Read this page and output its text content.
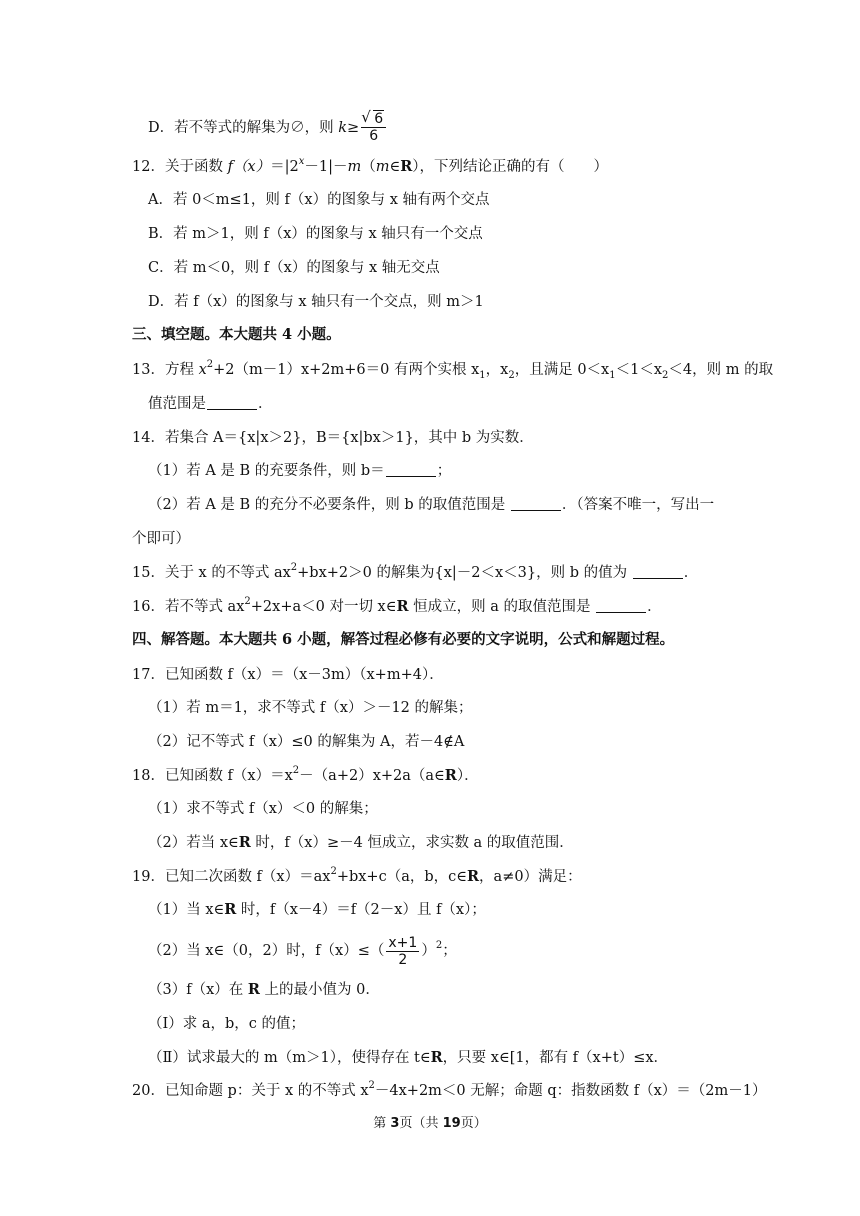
D．若不等式的解集为∅，则 k≥
√ $\frac{6}{6}$
12．关于函数 $f(x)=|2^x-1|-m(m\in R)$，下列结论正确的有（　　）
A．若 0＜m≤1，则 f（x）的图象与 x 轴有两个交点
B．若 m＞1，则 f（x）的图象与 x 轴只有一个交点
C．若 m＜0，则 f（x）的图象与 x 轴无交点
D．若 f（x）的图象与 x 轴只有一个交点，则 m＞1
三、填空题。本大题共 4 小题。
13．方程 $x^2+2(m-1)x+2m+6=0$ 有两个实根 $x_1$，$x_2$，且满足 $0<x_1<1<x_2<4$，则 m 的取
值范围是	．
14．若集合 A＝{x|x＞2}，B＝{x|bx＞1}，其中 b 为实数．
（1）若 A 是 B 的充要条件，则 b＝	；
（2）若 A 是 B 的充分不必要条件，则 b 的取值范围是	．（答案不唯一，写出一
个即可）
15．关于 x 的不等式 $ax^2+bx+2>0$ 的解集为{x|－2＜x＜3}，则 b 的值为	．
16．若不等式 $ax^2+2x+a<0$ 对一切 x∈R 恒成立，则 a 的取值范围是	．
四、解答题。本大题共 6 小题，解答过程必修有必要的文字说明，公式和解题过程。
17．已知函数 f（x）＝（x－3m）（x+m+4）．
（1）若 m＝1，求不等式 f（x）＞－12 的解集；
（2）记不等式 f（x）≤0 的解集为 A，若－4∉A
18．已知函数 $f(x)=x^2-(a+2)x+2a(a\in R)$．
（1）求不等式 f（x）＜0 的解集；
（2）若当 x∈R 时，f（x）≥－4 恒成立，求实数 a 的取值范围．
19．已知二次函数 $f(x)=ax^2+bx+c(a$，b，c∈R，a≠0）满足：
（1）当 x∈R 时，f（x－4）＝f（2－x）且 f（x）；
（2）当 x∈（0，2）时，$f(x)\le( \frac{x+1}{2} )^2$；
（3）f（x）在 R 上的最小值为 0．
（Ⅰ）求 a，b，c 的值；
（Ⅱ）试求最大的 m（m＞1），使得存在 t∈R，只要 x∈[1，都有 f（x+t）≤x．
20．已知命题 p：关于 x 的不等式 $x^2-4x+2m<0$ 无解；命题 q：指数函数 f（x）＝（2m－1）
第 3页（共 19页）
